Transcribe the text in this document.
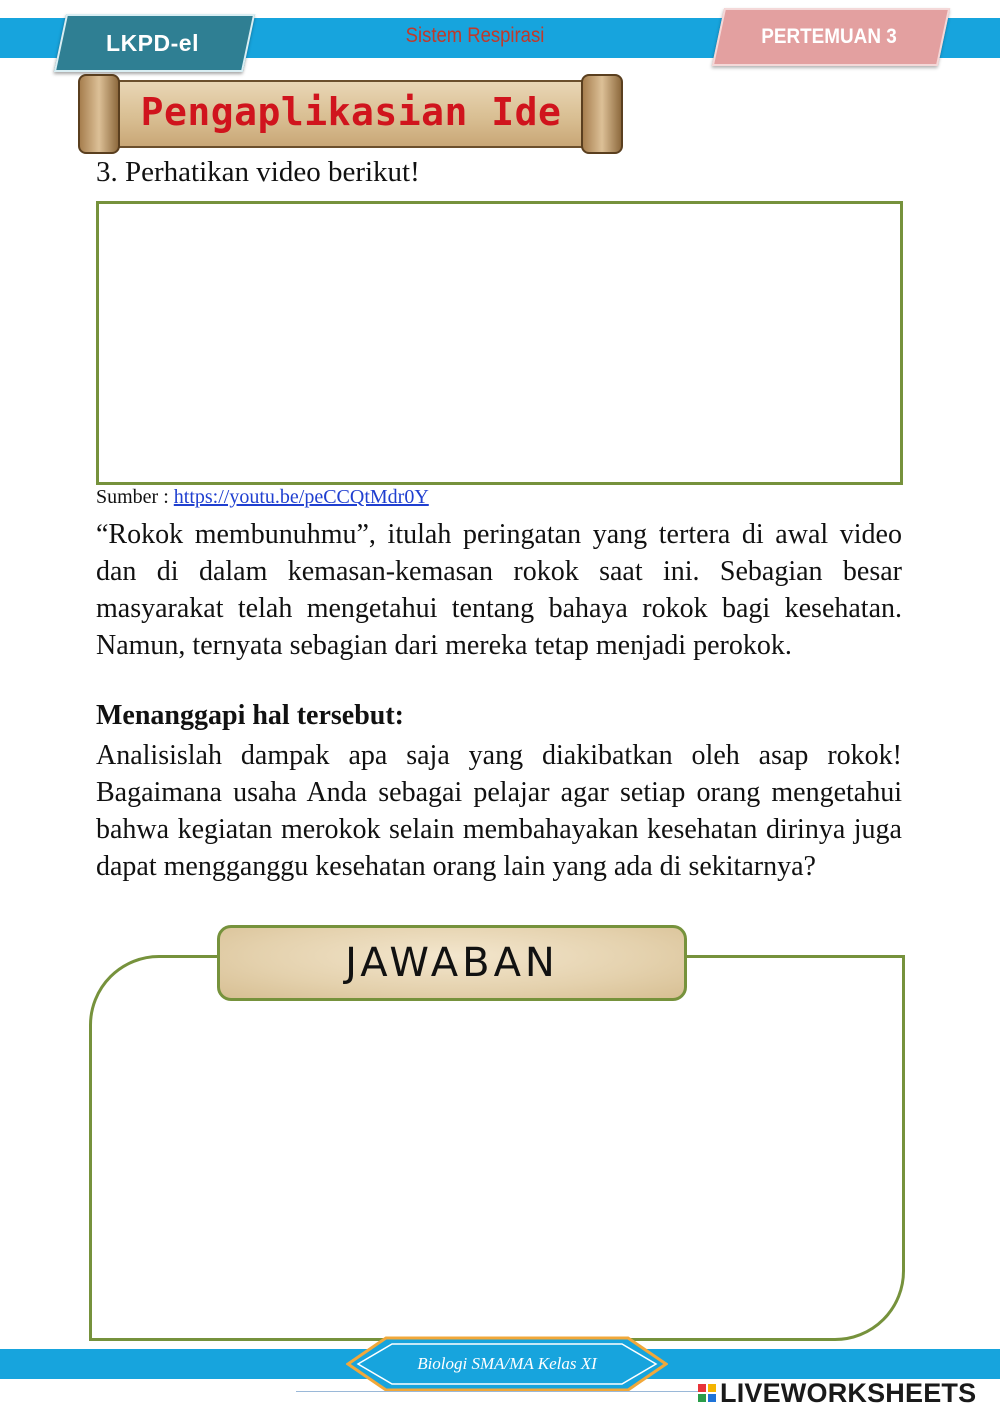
LKPD-el	Sistem Respirasi	PERTEMUAN 3
Pengaplikasian Ide
3. Perhatikan video berikut!
Sumber : https://youtu.be/peCCQtMdr0Y
“Rokok membunuhmu”, itulah peringatan yang tertera di awal video dan di dalam kemasan-kemasan rokok saat ini. Sebagian besar masyarakat telah mengetahui tentang bahaya rokok bagi kesehatan. Namun, ternyata sebagian dari mereka tetap menjadi perokok.
Menanggapi hal tersebut:
Analisislah dampak apa saja yang diakibatkan oleh asap rokok! Bagaimana usaha Anda sebagai pelajar agar setiap orang mengetahui bahwa kegiatan merokok selain membahayakan kesehatan dirinya juga dapat mengganggu kesehatan orang lain yang ada di sekitarnya?
JAWABAN
Biologi SMA/MA Kelas XI
LIVEWORKSHEETS
